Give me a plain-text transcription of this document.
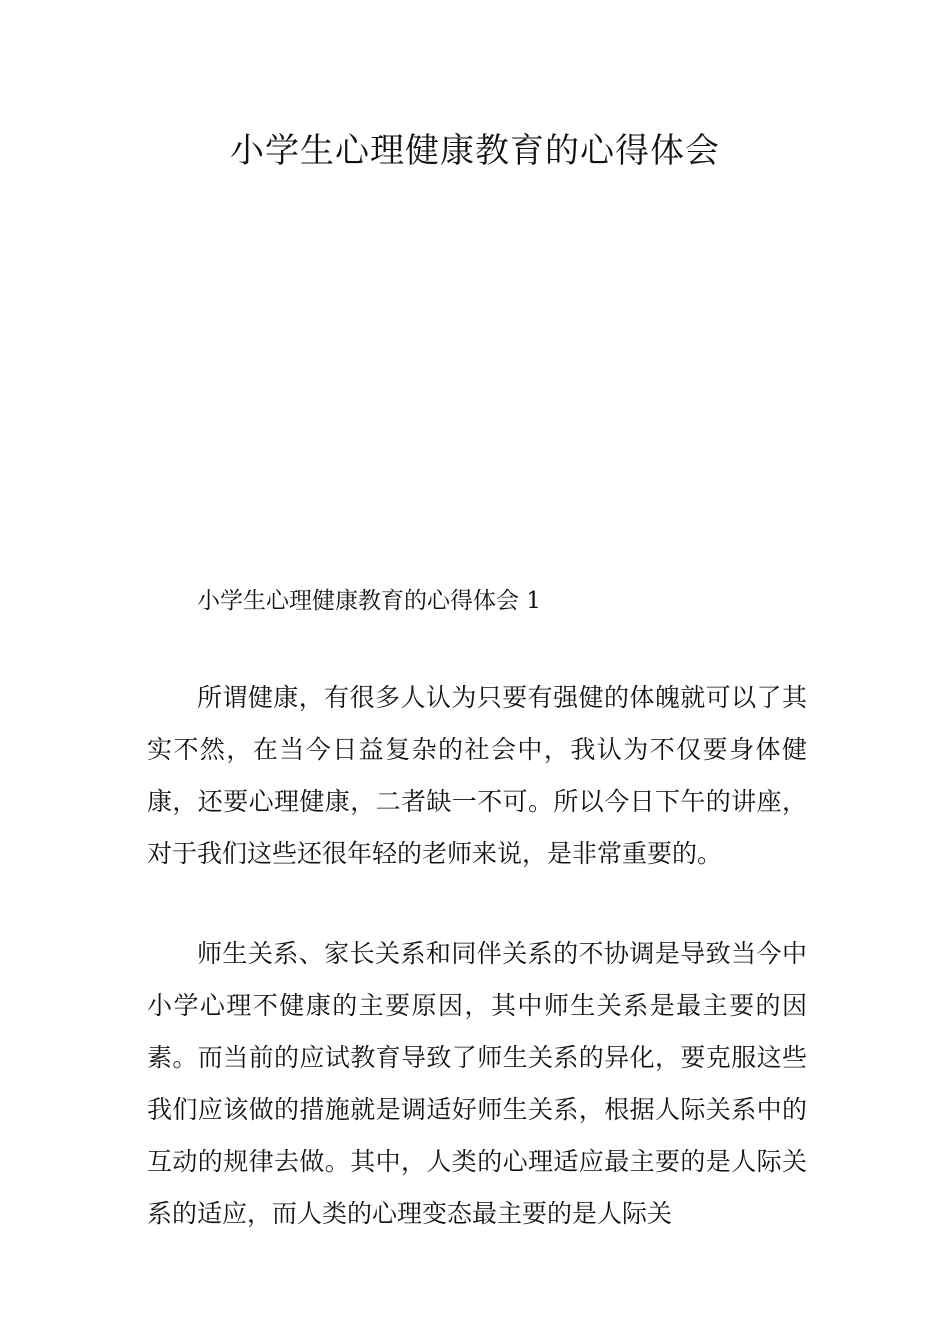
小学生心理健康教育的心得体会
小学生心理健康教育的心得体会 1

所谓健康，有很多人认为只要有强健的体魄就可以了其实不然，在当今日益复杂的社会中，我认为不仅要身体健康，还要心理健康，二者缺一不可。所以今日下午的讲座，对于我们这些还很年轻的老师来说，是非常重要的。

师生关系、家长关系和同伴关系的不协调是导致当今中小学心理不健康的主要原因，其中师生关系是最主要的因素。而当前的应试教育导致了师生关系的异化，要克服这些我们应该做的措施就是调适好师生关系，根据人际关系中的互动的规律去做。其中，人类的心理适应最主要的是人际关系的适应，而人类的心理变态最主要的是人际关
